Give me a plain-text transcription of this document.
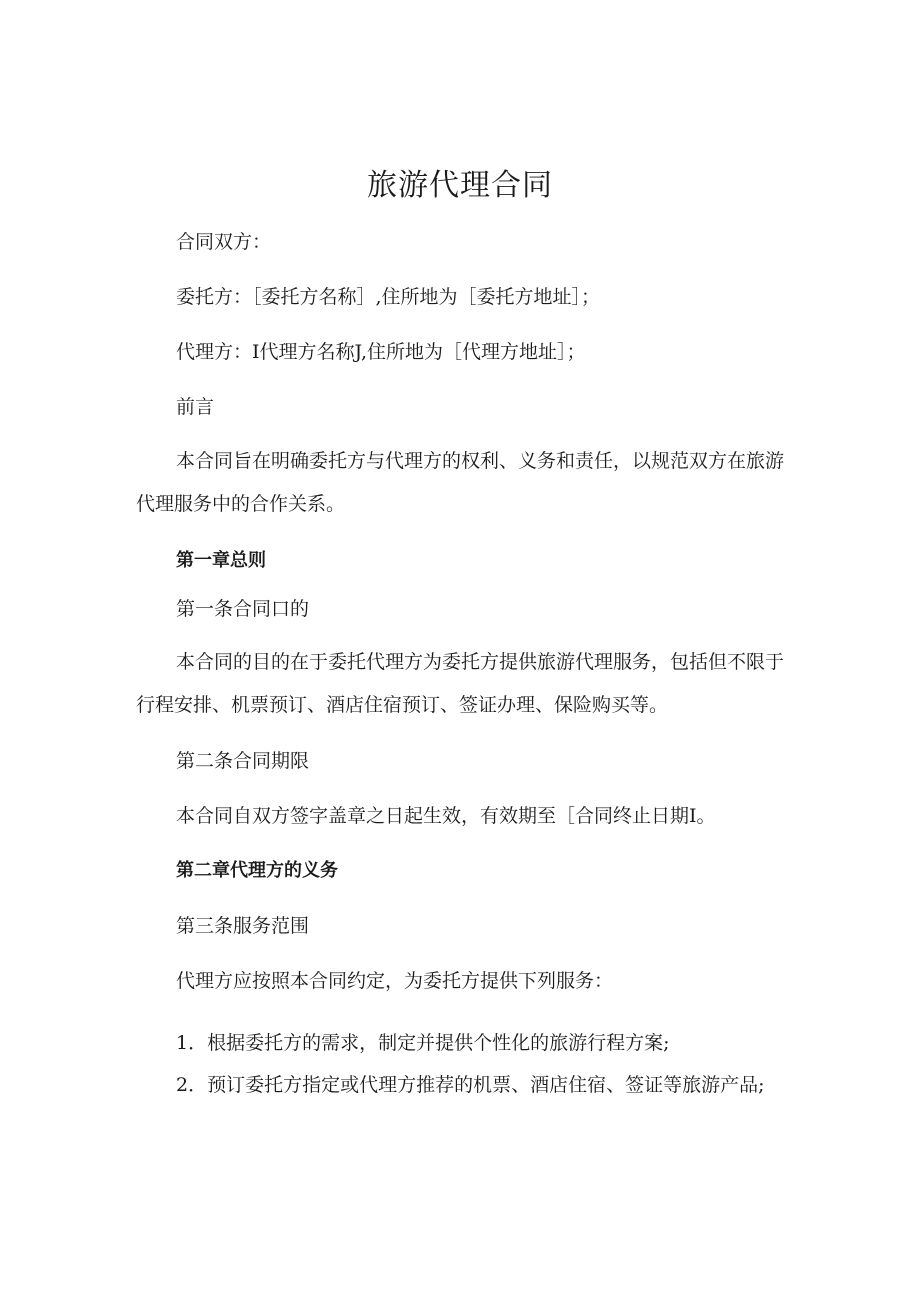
旅游代理合同
合同双方：
委托方：［委托方名称］,住所地为［委托方地址］；
代理方：I代理方名称J,住所地为［代理方地址］；
前言
本合同旨在明确委托方与代理方的权利、义务和责任，以规范双方在旅游代理服务中的合作关系。
第一章总则
第一条合同口的
本合同的目的在于委托代理方为委托方提供旅游代理服务，包括但不限于行程安排、机票预订、酒店住宿预订、签证办理、保险购买等。
第二条合同期限
本合同自双方签字盖章之日起生效，有效期至［合同终止日期I。
第二章代理方的义务
第三条服务范围
代理方应按照本合同约定，为委托方提供下列服务：
1．根据委托方的需求，制定并提供个性化的旅游行程方案;
2．预订委托方指定或代理方推荐的机票、酒店住宿、签证等旅游产品;
